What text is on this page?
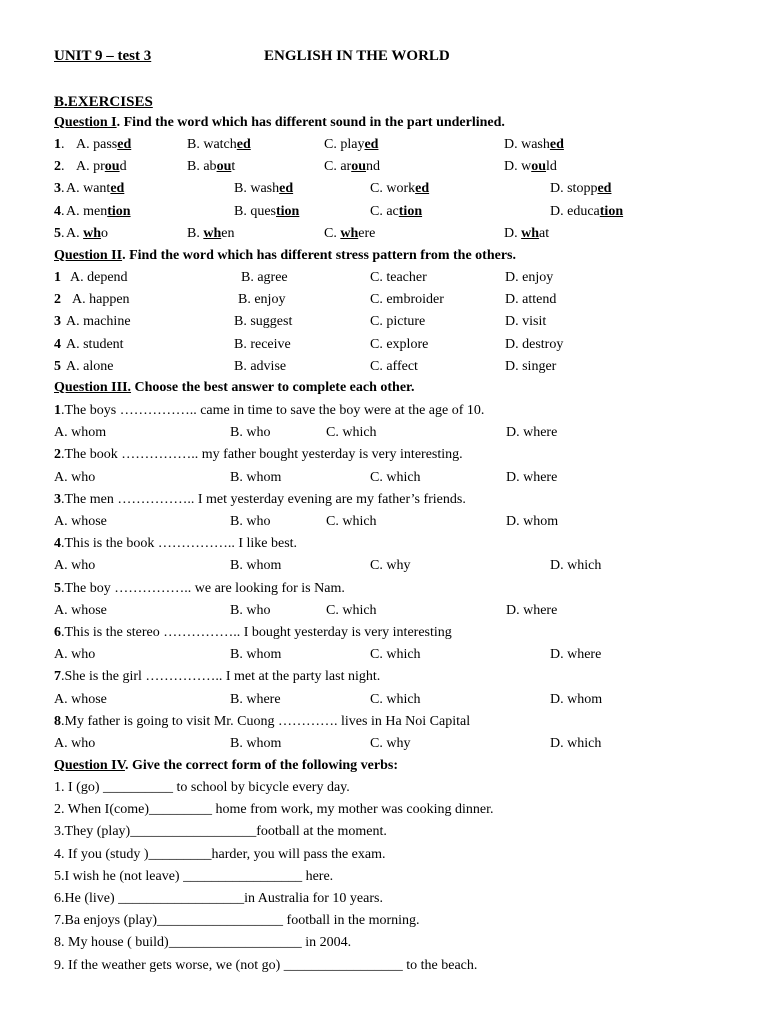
UNIT 9 – test 3	ENGLISH IN THE WORLD
B.EXERCISES
Question I. Find the word which has different sound in the part underlined.
1. A. passed	B. watched	C. played	D. washed
2. A. proud	B. about	C. around	D. would
3. A. wanted	B. washed	C. worked	D. stopped
4. A. mention	B. question	C. action	D. education
5. A. who	B. when	C. where	D. what
Question II. Find the word which has different stress pattern from the others.
1 A. depend	B. agree	C. teacher	D. enjoy
2 A. happen	B. enjoy	C. embroider	D. attend
3 A. machine	B. suggest	C. picture	D. visit
4 A. student	B. receive	C. explore	D. destroy
5 A. alone	B. advise	C. affect	D. singer
Question III. Choose the best answer to complete each other.
1.The boys …………….. came in time to save the boy were at the age of 10.
A. whom	B. who	C. which	D. where
2.The book …………….. my father bought yesterday is very interesting.
A. who	B. whom	C. which	D. where
3.The men …………….. I met yesterday evening are my father’s friends.
A. whose	B. who	C. which	D. whom
4.This is the book …………….. I like best.
A. who	B. whom	C. why	D. which
5.The boy …………….. we are looking for is Nam.
A. whose	B. who	C. which	D. where
6.This is the stereo …………….. I bought yesterday is very interesting
A. who	B. whom	C. which	D. where
7.She is the girl …………….. I met at the party last night.
A. whose	B. where	C. which	D. whom
8.My father is going to visit Mr. Cuong …………. lives in Ha Noi Capital
A. who	B. whom	C. why	D. which
Question IV. Give the correct form of the following verbs:
1. I (go) __________ to school by bicycle every day.
2. When I(come)_________ home from work, my mother was cooking dinner.
3.They (play)__________________football at the moment.
4. If you (study )_________harder, you will pass the exam.
5.I wish he (not leave) _________________ here.
6.He (live) __________________in Australia for 10 years.
7.Ba enjoys (play)__________________ football in the morning.
8. My house ( build)___________________ in 2004.
9. If the weather gets worse, we (not go) _________________ to the beach.
